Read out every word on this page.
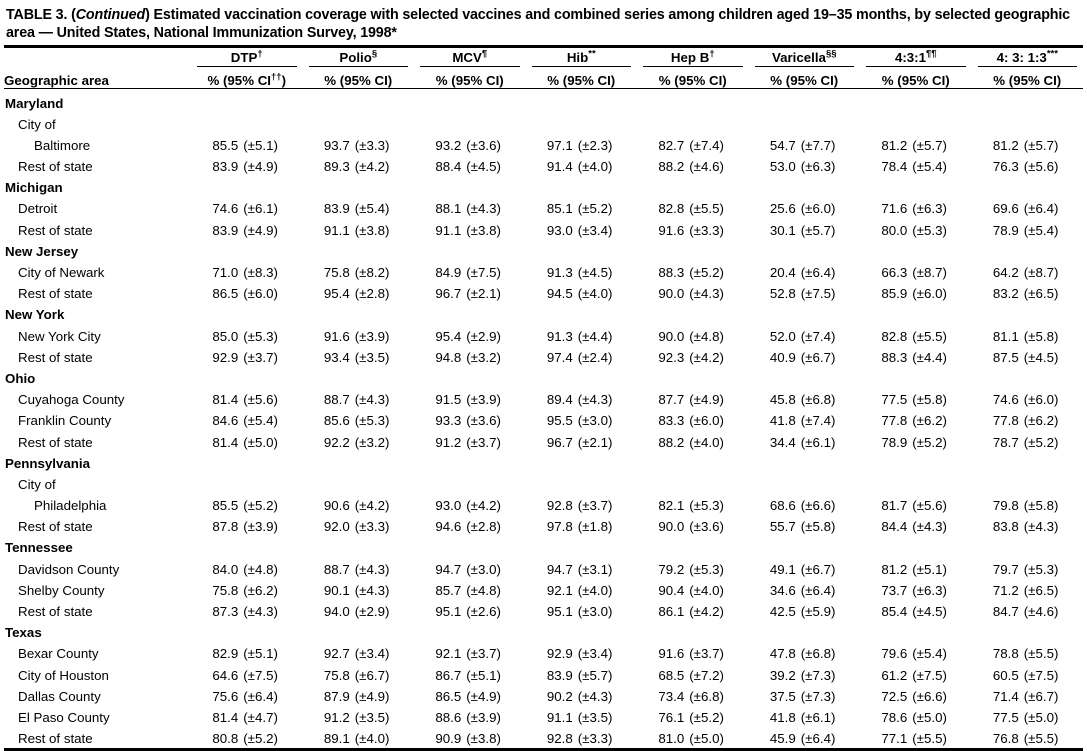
TABLE 3. (Continued) Estimated vaccination coverage with selected vaccines and combined series among children aged 19–35 months, by selected geographic area — United States, National Immunization Survey, 1998*

	DTP†	Polio§	MCV¶	Hib**	Hep B†	Varicella§§	4:3:1¶¶	4: 3: 1:3***

Geographic area	% (95% CI††)	% (95% CI)	% (95% CI)	% (95% CI)	% (95% CI)	% (95% CI)	% (95% CI)	% (95% CI)
Maryland								
City of								
Baltimore	85.5 (±5.1)	93.7 (±3.3)	93.2 (±3.6)	97.1 (±2.3)	82.7 (±7.4)	54.7 (±7.7)	81.2 (±5.7)	81.2 (±5.7)
Rest of state	83.9 (±4.9)	89.3 (±4.2)	88.4 (±4.5)	91.4 (±4.0)	88.2 (±4.6)	53.0 (±6.3)	78.4 (±5.4)	76.3 (±5.6)
Michigan								
Detroit	74.6 (±6.1)	83.9 (±5.4)	88.1 (±4.3)	85.1 (±5.2)	82.8 (±5.5)	25.6 (±6.0)	71.6 (±6.3)	69.6 (±6.4)
Rest of state	83.9 (±4.9)	91.1 (±3.8)	91.1 (±3.8)	93.0 (±3.4)	91.6 (±3.3)	30.1 (±5.7)	80.0 (±5.3)	78.9 (±5.4)
New Jersey								
City of Newark	71.0 (±8.3)	75.8 (±8.2)	84.9 (±7.5)	91.3 (±4.5)	88.3 (±5.2)	20.4 (±6.4)	66.3 (±8.7)	64.2 (±8.7)
Rest of state	86.5 (±6.0)	95.4 (±2.8)	96.7 (±2.1)	94.5 (±4.0)	90.0 (±4.3)	52.8 (±7.5)	85.9 (±6.0)	83.2 (±6.5)
New York								
New York City	85.0 (±5.3)	91.6 (±3.9)	95.4 (±2.9)	91.3 (±4.4)	90.0 (±4.8)	52.0 (±7.4)	82.8 (±5.5)	81.1 (±5.8)
Rest of state	92.9 (±3.7)	93.4 (±3.5)	94.8 (±3.2)	97.4 (±2.4)	92.3 (±4.2)	40.9 (±6.7)	88.3 (±4.4)	87.5 (±4.5)
Ohio								
Cuyahoga County	81.4 (±5.6)	88.7 (±4.3)	91.5 (±3.9)	89.4 (±4.3)	87.7 (±4.9)	45.8 (±6.8)	77.5 (±5.8)	74.6 (±6.0)
Franklin County	84.6 (±5.4)	85.6 (±5.3)	93.3 (±3.6)	95.5 (±3.0)	83.3 (±6.0)	41.8 (±7.4)	77.8 (±6.2)	77.8 (±6.2)
Rest of state	81.4 (±5.0)	92.2 (±3.2)	91.2 (±3.7)	96.7 (±2.1)	88.2 (±4.0)	34.4 (±6.1)	78.9 (±5.2)	78.7 (±5.2)
Pennsylvania								
City of								
Philadelphia	85.5 (±5.2)	90.6 (±4.2)	93.0 (±4.2)	92.8 (±3.7)	82.1 (±5.3)	68.6 (±6.6)	81.7 (±5.6)	79.8 (±5.8)
Rest of state	87.8 (±3.9)	92.0 (±3.3)	94.6 (±2.8)	97.8 (±1.8)	90.0 (±3.6)	55.7 (±5.8)	84.4 (±4.3)	83.8 (±4.3)
Tennessee								
Davidson County	84.0 (±4.8)	88.7 (±4.3)	94.7 (±3.0)	94.7 (±3.1)	79.2 (±5.3)	49.1 (±6.7)	81.2 (±5.1)	79.7 (±5.3)
Shelby County	75.8 (±6.2)	90.1 (±4.3)	85.7 (±4.8)	92.1 (±4.0)	90.4 (±4.0)	34.6 (±6.4)	73.7 (±6.3)	71.2 (±6.5)
Rest of state	87.3 (±4.3)	94.0 (±2.9)	95.1 (±2.6)	95.1 (±3.0)	86.1 (±4.2)	42.5 (±5.9)	85.4 (±4.5)	84.7 (±4.6)
Texas								
Bexar County	82.9 (±5.1)	92.7 (±3.4)	92.1 (±3.7)	92.9 (±3.4)	91.6 (±3.7)	47.8 (±6.8)	79.6 (±5.4)	78.8 (±5.5)
City of Houston	64.6 (±7.5)	75.8 (±6.7)	86.7 (±5.1)	83.9 (±5.7)	68.5 (±7.2)	39.2 (±7.3)	61.2 (±7.5)	60.5 (±7.5)
Dallas County	75.6 (±6.4)	87.9 (±4.9)	86.5 (±4.9)	90.2 (±4.3)	73.4 (±6.8)	37.5 (±7.3)	72.5 (±6.6)	71.4 (±6.7)
El Paso County	81.4 (±4.7)	91.2 (±3.5)	88.6 (±3.9)	91.1 (±3.5)	76.1 (±5.2)	41.8 (±6.1)	78.6 (±5.0)	77.5 (±5.0)
Rest of state	80.8 (±5.2)	89.1 (±4.0)	90.9 (±3.8)	92.8 (±3.3)	81.0 (±5.0)	45.9 (±6.4)	77.1 (±5.5)	76.8 (±5.5)
